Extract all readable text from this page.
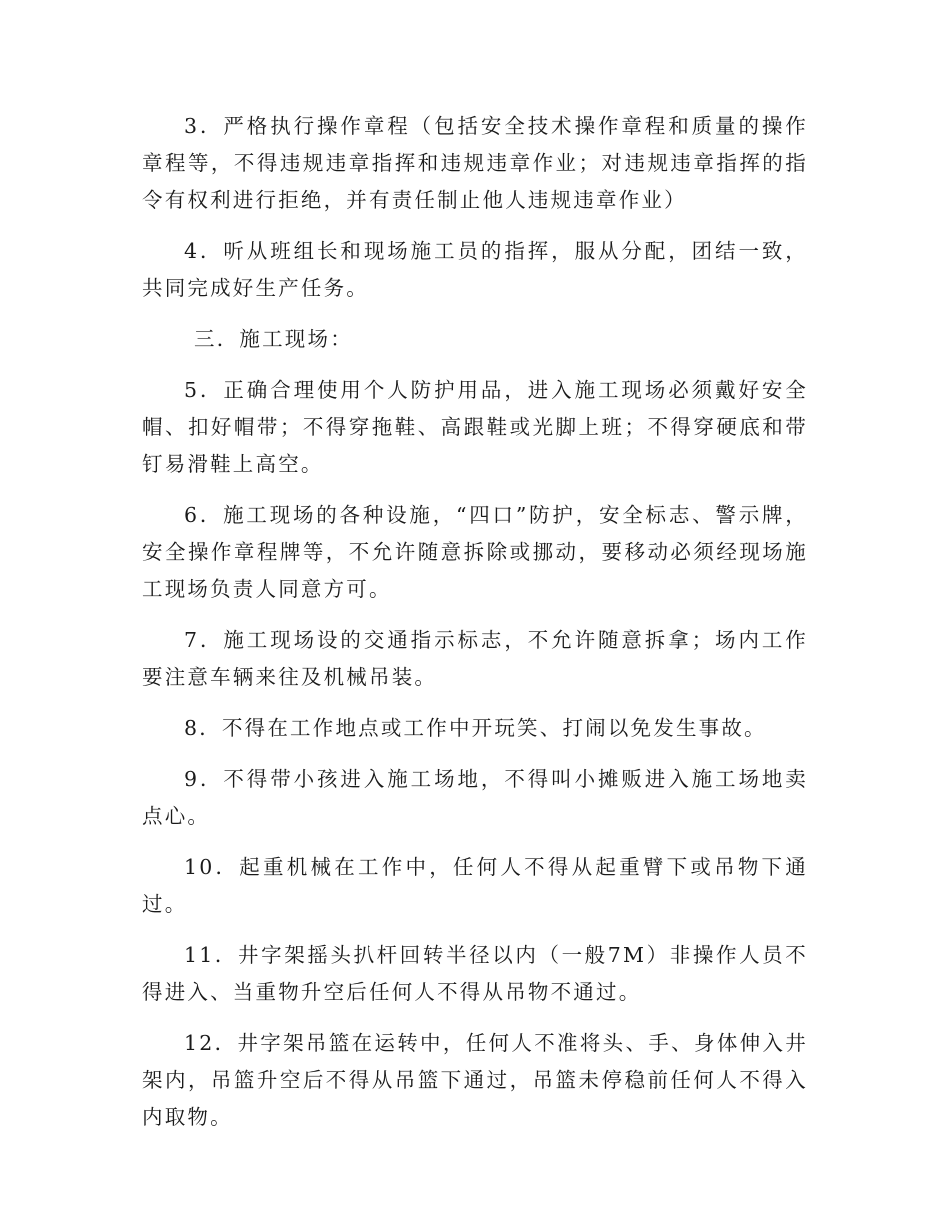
3．严格执行操作章程（包括安全技术操作章程和质量的操作章程等，不得违规违章指挥和违规违章作业；对违规违章指挥的指令有权利进行拒绝，并有责任制止他人违规违章作业）

4．听从班组长和现场施工员的指挥，服从分配，团结一致，共同完成好生产任务。

三．施工现场：

5．正确合理使用个人防护用品，进入施工现场必须戴好安全帽、扣好帽带；不得穿拖鞋、高跟鞋或光脚上班；不得穿硬底和带钉易滑鞋上高空。

6．施工现场的各种设施，“四口”防护，安全标志、警示牌，安全操作章程牌等，不允许随意拆除或挪动，要移动必须经现场施工现场负责人同意方可。

7．施工现场设的交通指示标志，不允许随意拆拿；场内工作要注意车辆来往及机械吊装。

8．不得在工作地点或工作中开玩笑、打闹以免发生事故。

9．不得带小孩进入施工场地，不得叫小摊贩进入施工场地卖点心。

10．起重机械在工作中，任何人不得从起重臂下或吊物下通过。

11．井字架摇头扒杆回转半径以内（一般7M）非操作人员不得进入、当重物升空后任何人不得从吊物不通过。

12．井字架吊篮在运转中，任何人不准将头、手、身体伸入井架内，吊篮升空后不得从吊篮下通过，吊篮未停稳前任何人不得入内取物。
